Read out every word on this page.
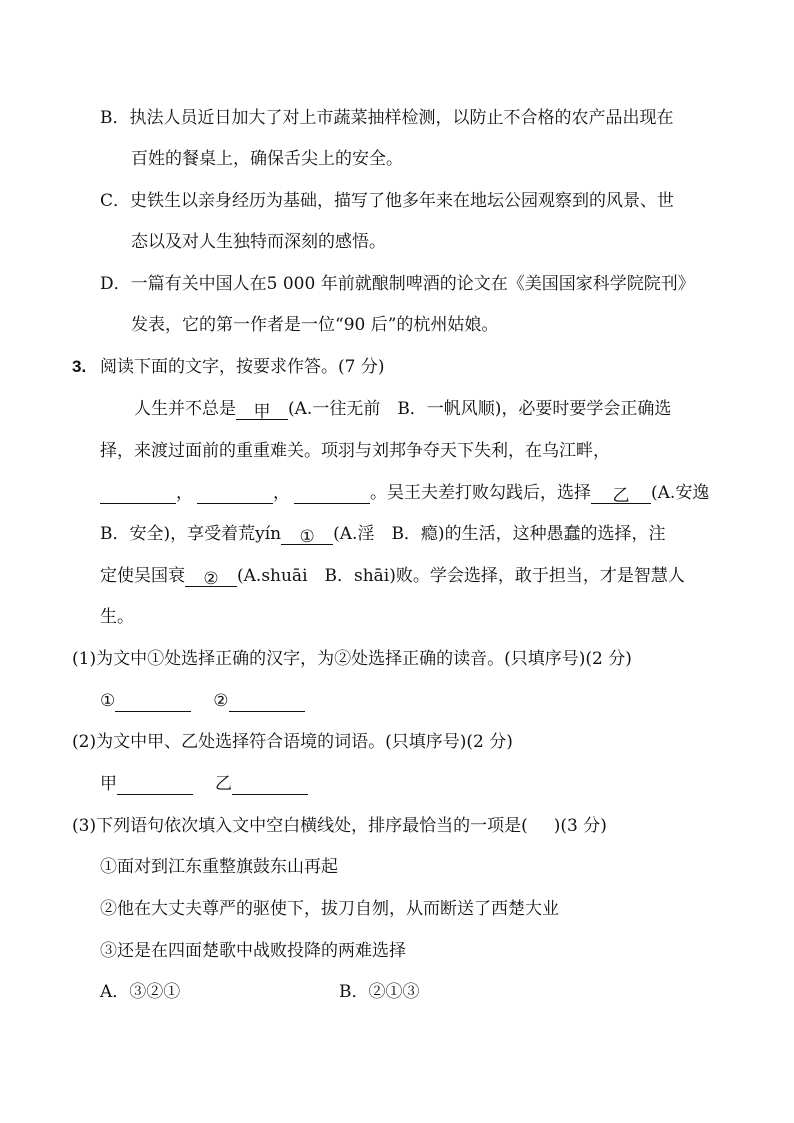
B．执法人员近日加大了对上市蔬菜抽样检测，以防止不合格的农产品出现在
百姓的餐桌上，确保舌尖上的安全。
C．史铁生以亲身经历为基础，描写了他多年来在地坛公园观察到的风景、世
态以及对人生独特而深刻的感悟。
D．一篇有关中国人在5 000 年前就酿制啤酒的论文在《美国国家科学院院刊》
发表，它的第一作者是一位“90 后”的杭州姑娘。
3. 阅读下面的文字，按要求作答。(7 分)
人生并不总是 甲 (A.一往无前　B．一帆风顺)，必要时要学会正确选
择，来渡过面前的重重难关。项羽与刘邦争夺天下失利，在乌江畔，
，	，	。吴王夫差打败勾践后，选择 乙 (A.安逸
B．安全)，享受着荒yín ① (A.淫　B．瘾)的生活，这种愚蠢的选择，注
定使吴国衰 ② (A.shuāi　B．shāi)败。学会选择，敢于担当，才是智慧人
生。
(1)为文中①处选择正确的汉字，为②处选择正确的读音。(只填序号)(2 分)
①	②
(2)为文中甲、乙处选择符合语境的词语。(只填序号)(2 分)
甲	乙
(3)下列语句依次填入文中空白横线处，排序最恰当的一项是( )(3 分)
①面对到江东重整旗鼓东山再起
②他在大丈夫尊严的驱使下，拔刀自刎，从而断送了西楚大业
③还是在四面楚歌中战败投降的两难选择
A．③②①	B．②①③
